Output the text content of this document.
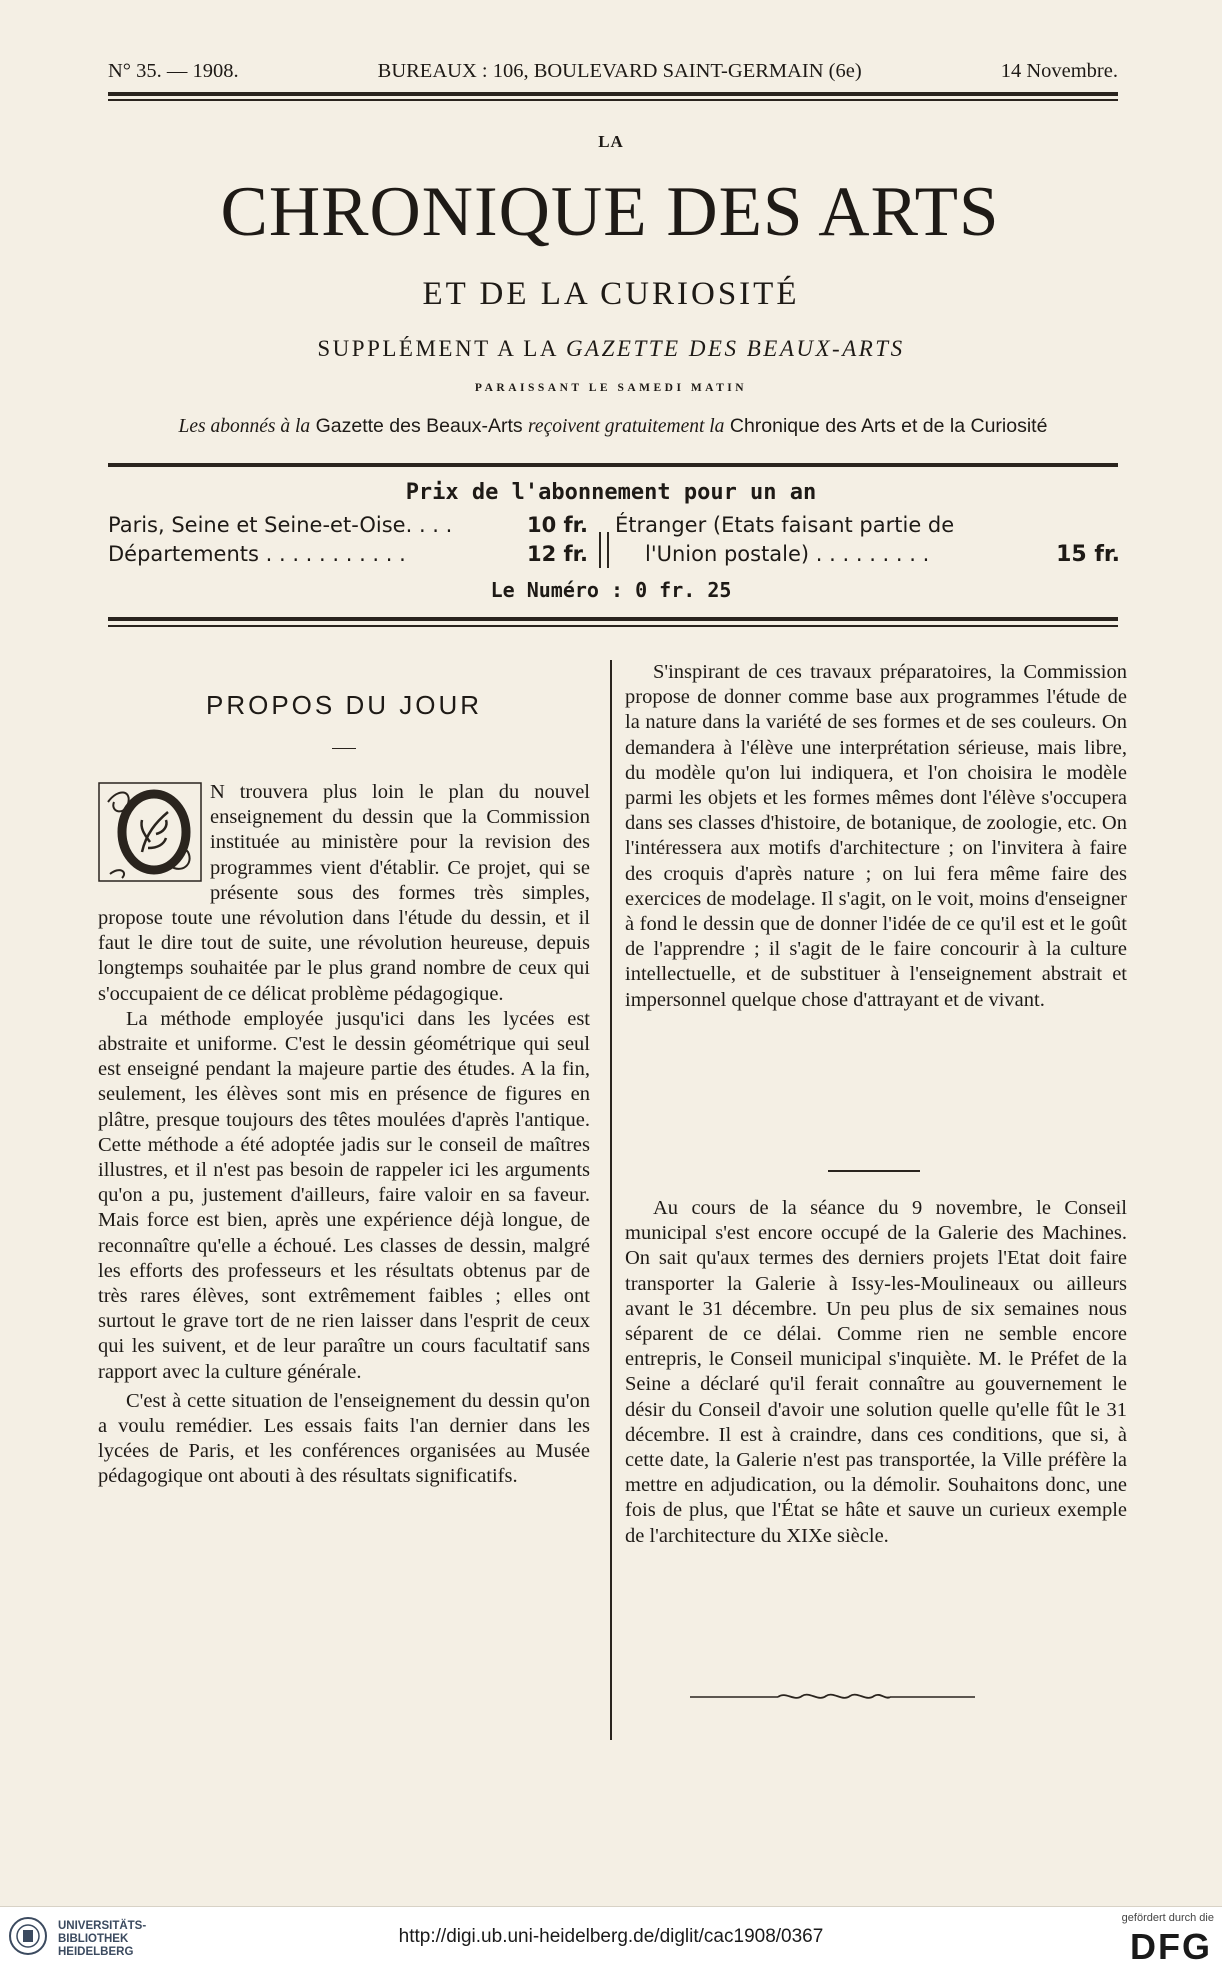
N° 35. — 1908.	BUREAUX : 106, BOULEVARD SAINT-GERMAIN (6e)	14 Novembre.
LA
CHRONIQUE DES ARTS
ET DE LA CURIOSITÉ
SUPPLÉMENT A LA GAZETTE DES BEAUX-ARTS
PARAISSANT LE SAMEDI MATIN
Les abonnés à la Gazette des Beaux-Arts reçoivent gratuitement la Chronique des Arts et de la Curiosité
Prix de l'abonnement pour un an
Paris, Seine et Seine-et-Oise. . . .	10 fr.
Départements . . . . . . . . . . .	12 fr.
Étranger (Etats faisant partie de
l'Union postale) . . . . . . . . .	15 fr.
Le Numéro : 0 fr. 25
PROPOS DU JOUR

N trouvera plus loin le plan du nouvel enseignement du dessin que la Commission instituée au ministère pour la revision des programmes vient d'établir. Ce projet, qui se présente sous des formes très simples, propose toute une révolution dans l'étude du dessin, et il faut le dire tout de suite, une révolution heureuse, depuis longtemps souhaitée par le plus grand nombre de ceux qui s'occupaient de ce délicat problème pédagogique.

La méthode employée jusqu'ici dans les lycées est abstraite et uniforme. C'est le dessin géométrique qui seul est enseigné pendant la majeure partie des études. A la fin, seulement, les élèves sont mis en présence de figures en plâtre, presque toujours des têtes moulées d'après l'antique. Cette méthode a été adoptée jadis sur le conseil de maîtres illustres, et il n'est pas besoin de rappeler ici les arguments qu'on a pu, justement d'ailleurs, faire valoir en sa faveur. Mais force est bien, après une expérience déjà longue, de reconnaître qu'elle a échoué. Les classes de dessin, malgré les efforts des professeurs et les résultats obtenus par de très rares élèves, sont extrêmement faibles ; elles ont surtout le grave tort de ne rien laisser dans l'esprit de ceux qui les suivent, et de leur paraître un cours facultatif sans rapport avec la culture générale.

C'est à cette situation de l'enseignement du dessin qu'on a voulu remédier. Les essais faits l'an dernier dans les lycées de Paris, et les conférences organisées au Musée pédagogique ont abouti à des résultats significatifs.

S'inspirant de ces travaux préparatoires, la Commission propose de donner comme base aux programmes l'étude de la nature dans la variété de ses formes et de ses couleurs. On demandera à l'élève une interprétation sérieuse, mais libre, du modèle qu'on lui indiquera, et l'on choisira le modèle parmi les objets et les formes mêmes dont l'élève s'occupera dans ses classes d'histoire, de botanique, de zoologie, etc. On l'intéressera aux motifs d'architecture ; on l'invitera à faire des croquis d'après nature ; on lui fera même faire des exercices de modelage. Il s'agit, on le voit, moins d'enseigner à fond le dessin que de donner l'idée de ce qu'il est et le goût de l'apprendre ; il s'agit de le faire concourir à la culture intellectuelle, et de substituer à l'enseignement abstrait et impersonnel quelque chose d'attrayant et de vivant.

Au cours de la séance du 9 novembre, le Conseil municipal s'est encore occupé de la Galerie des Machines. On sait qu'aux termes des derniers projets l'Etat doit faire transporter la Galerie à Issy-les-Moulineaux ou ailleurs avant le 31 décembre. Un peu plus de six semaines nous séparent de ce délai. Comme rien ne semble encore entrepris, le Conseil municipal s'inquiète. M. le Préfet de la Seine a déclaré qu'il ferait connaître au gouvernement le désir du Conseil d'avoir une solution quelle qu'elle fût le 31 décembre. Il est à craindre, dans ces conditions, que si, à cette date, la Galerie n'est pas transportée, la Ville préfère la mettre en adjudication, ou la démolir. Souhaitons donc, une fois de plus, que l'État se hâte et sauve un curieux exemple de l'architecture du XIXe siècle.

UNIVERSITÄTS-
BIBLIOTHEK
HEIDELBERG
http://digi.ub.uni-heidelberg.de/diglit/cac1908/0367
gefördert durch die
DFG
